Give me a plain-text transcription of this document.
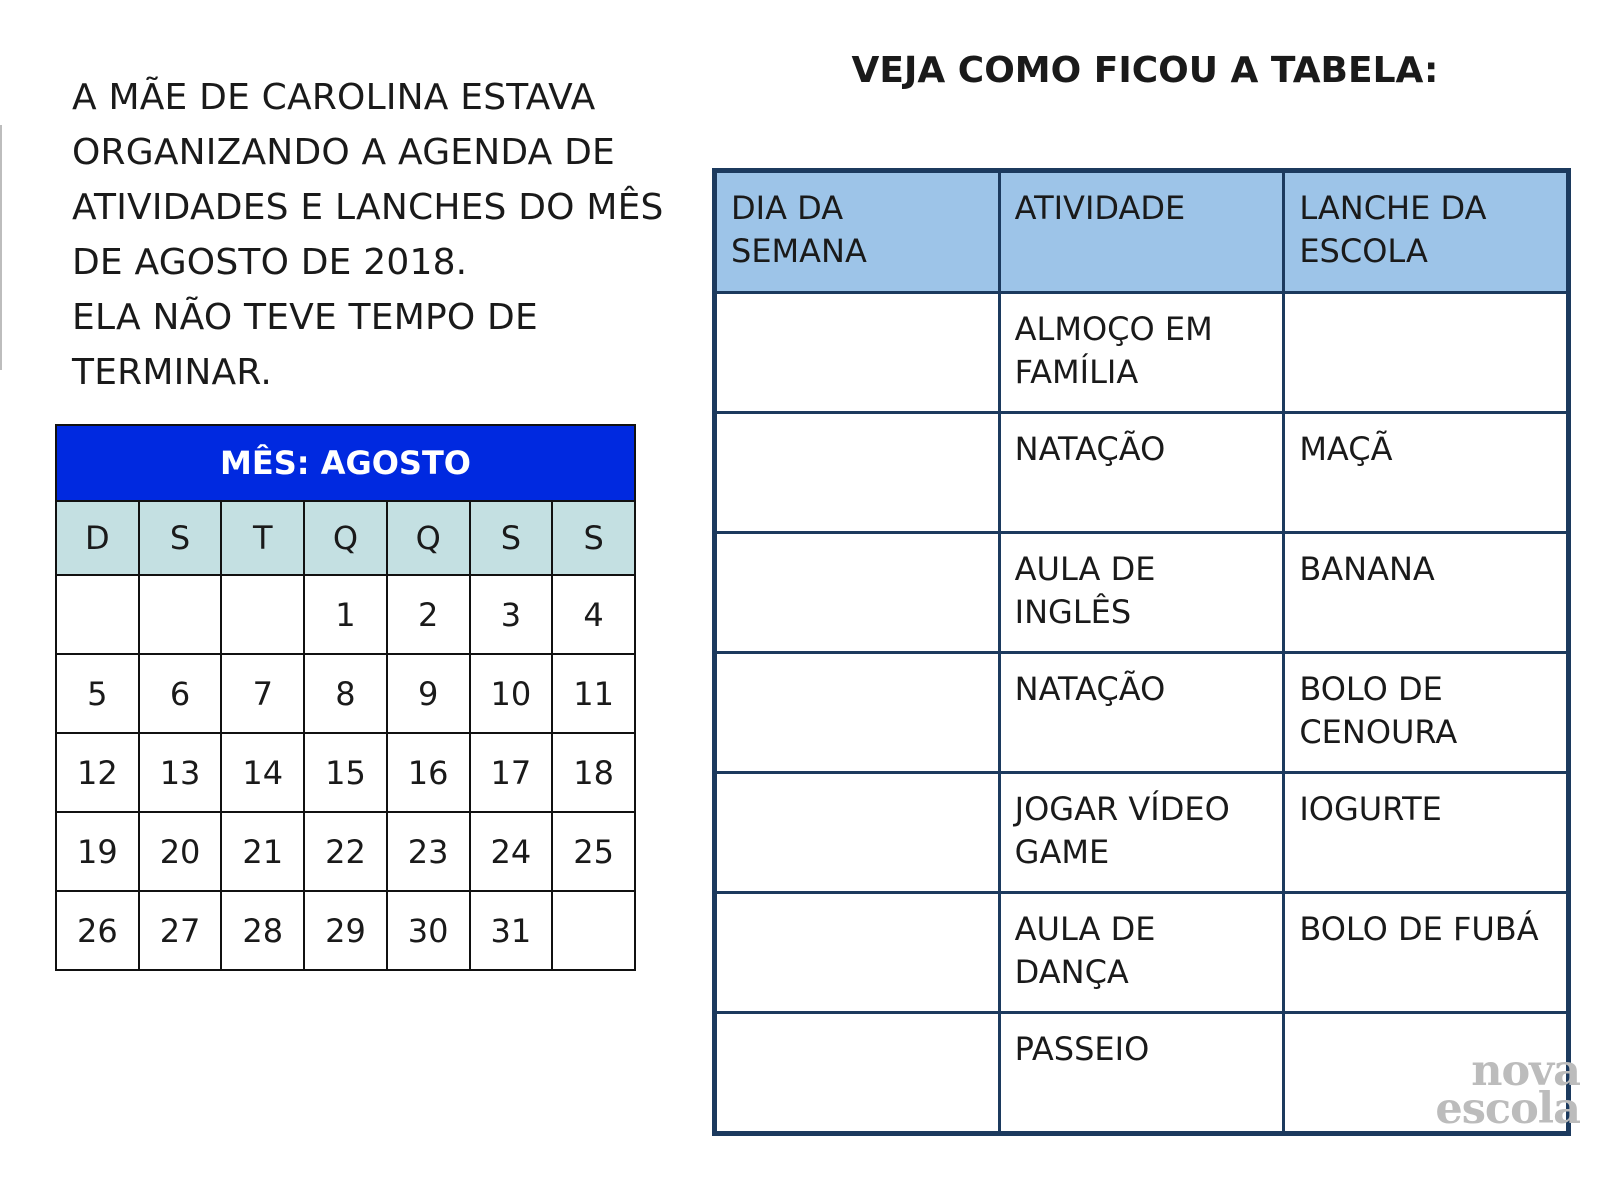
A MÃE DE CAROLINA ESTAVA ORGANIZANDO A AGENDA DE ATIVIDADES E LANCHES DO MÊS DE AGOSTO DE 2018.

ELA NÃO TEVE TEMPO DE TERMINAR.

MÊS: AGOSTO						
D	S	T	Q	Q	S	S
			1	2	3	4
5	6	7	8	9	10	11
12	13	14	15	16	17	18
19	20	21	22	23	24	25
26	27	28	29	30	31	
VEJA COMO FICOU A TABELA:
DIA DA SEMANA	ATIVIDADE	LANCHE DA ESCOLA
	ALMOÇO EM FAMÍLIA	
	NATAÇÃO	MAÇÃ
	AULA DE INGLÊS	BANANA
	NATAÇÃO	BOLO DE CENOURA
	JOGAR VÍDEO GAME	IOGURTE
	AULA DE DANÇA	BOLO DE FUBÁ
	PASSEIO		nova
escola
